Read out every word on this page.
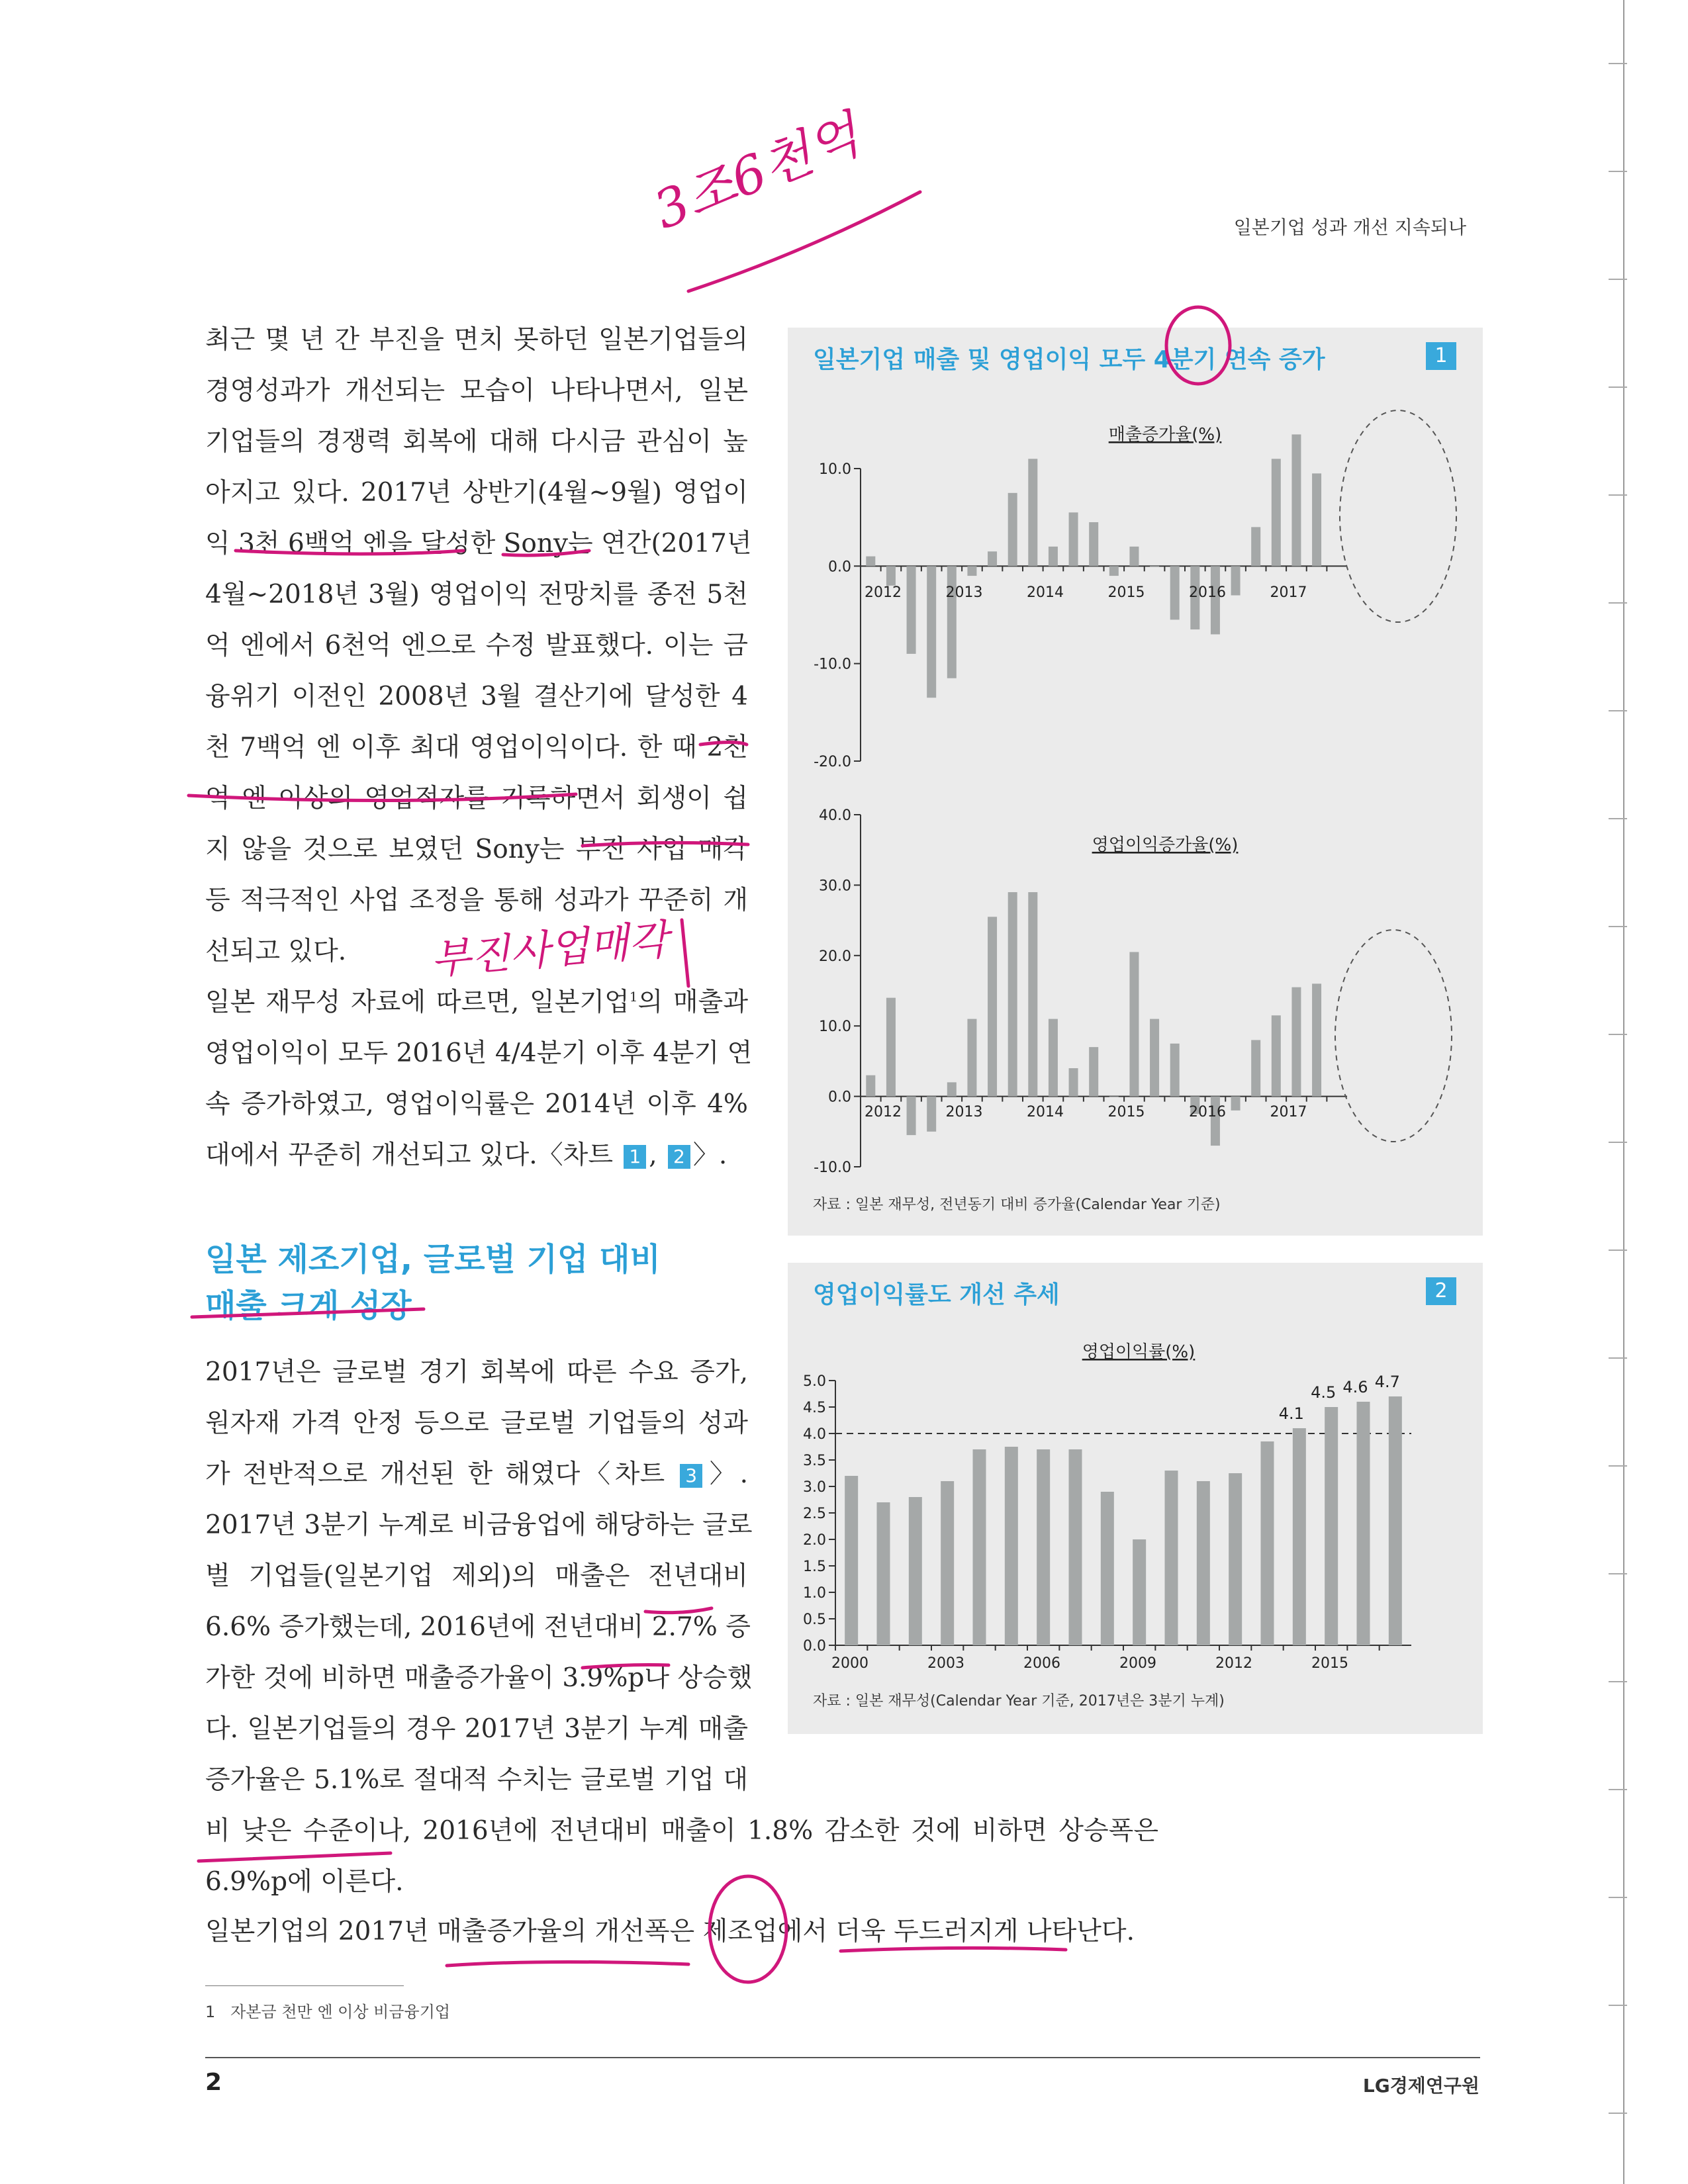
일본기업 성과 개선 지속되나
최근 몇 년 간 부진을 면치 못하던 일본기업들의
경영성과가 개선되는 모습이 나타나면서, 일본
기업들의 경쟁력 회복에 대해 다시금 관심이 높
아지고 있다. 2017년 상반기(4월~9월) 영업이
익 3천 6백억 엔을 달성한 Sony는 연간(2017년
4월~2018년 3월) 영업이익 전망치를 종전 5천
억 엔에서 6천억 엔으로 수정 발표했다. 이는 금
융위기 이전인 2008년 3월 결산기에 달성한 4
천 7백억 엔 이후 최대 영업이익이다. 한 때 2천
억 엔 이상의 영업적자를 기록하면서 회생이 쉽
지 않을 것으로 보였던 Sony는 부진 사업 매각
등 적극적인 사업 조정을 통해 성과가 꾸준히 개
선되고 있다.
일본 재무성 자료에 따르면, 일본기업$^1$의 매출과
영업이익이 모두 2016년 4/4분기 이후 4분기 연
속 증가하였고, 영업이익률은 2014년 이후 4%
대에서 꾸준히 개선되고 있다.〈차트 1 , 2 〉.
일본 제조기업, 글로벌 기업 대비
매출 크게 성장
2017년은 글로벌 경기 회복에 따른 수요 증가,
원자재 가격 안정 등으로 글로벌 기업들의 성과
가 전반적으로 개선된 한 해였다〈차트 3 〉.
2017년 3분기 누계로 비금융업에 해당하는 글로
벌 기업들(일본기업 제외)의 매출은 전년대비
6.6% 증가했는데, 2016년에 전년대비 2.7% 증
가한 것에 비하면 매출증가율이 3.9%p나 상승했
다. 일본기업들의 경우 2017년 3분기 누계 매출
증가율은 5.1%로 절대적 수치는 글로벌 기업 대
비 낮은 수준이나, 2016년에 전년대비 매출이 1.8% 감소한 것에 비하면 상승폭은
6.9%p에 이른다.
일본기업의 2017년 매출증가율의 개선폭은 제조업에서 더욱 두드러지게 나타난다.
일본기업 매출 및 영업이익 모두 4분기 연속 증가	1
매출증가율(%)
10.0
0.0
-10.0
-20.0
2012	2013	2014	2015	2016	2017
영업이익증가율(%)
40.0
30.0
20.0
10.0
0.0
-10.0
2012	2013	2014	2015	2016	2017
자료 : 일본 재무성, 전년동기 대비 증가율(Calendar Year 기준)
영업이익률도 개선 추세	2
영업이익률(%)
5.0
4.5
4.0
3.5
3.0
2.5
2.0
1.5
1.0
0.5
0.0
4.1
4.5 4.6 4.7
2000	2003	2006	2009	2012	2015
자료 : 일본 재무성(Calendar Year 기준, 2017년은 3분기 누계)
1 자본금 천만 엔 이상 비금융기업
2	LG경제연구원
3조6천억
부진사업매각
